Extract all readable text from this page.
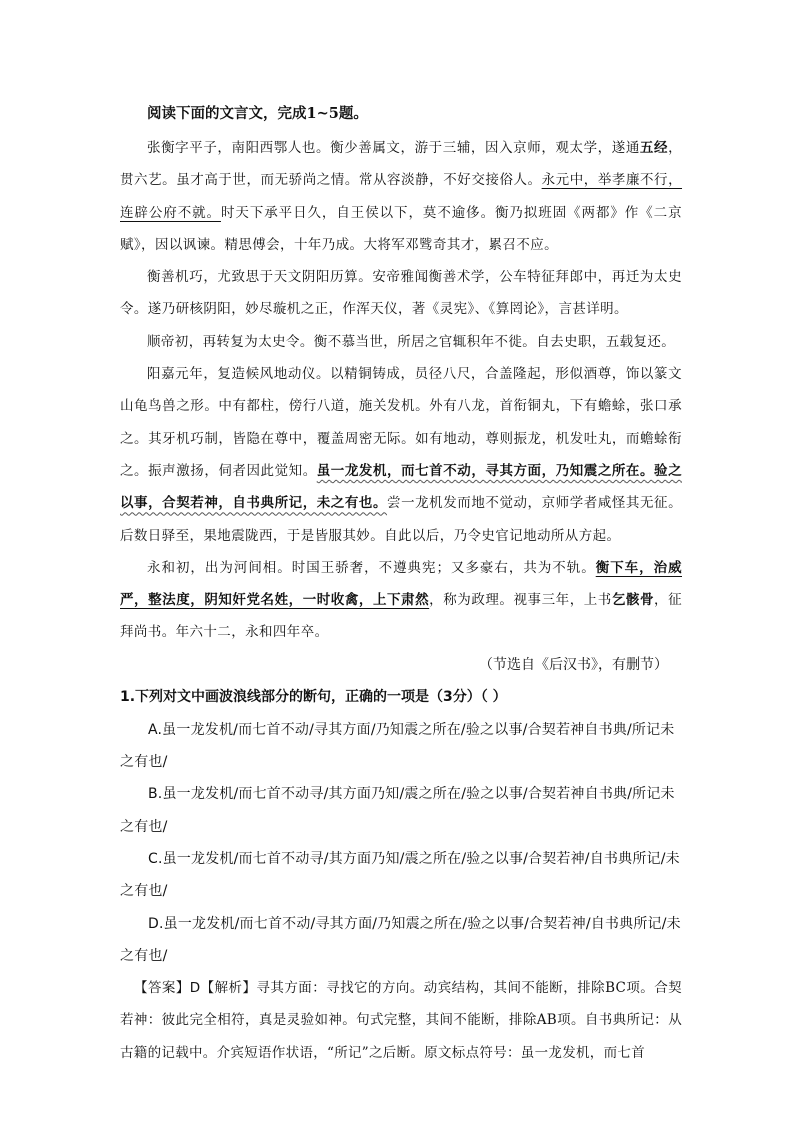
阅读下面的文言文，完成1~5题。

张衡字平子，南阳西鄂人也。衡少善属文，游于三辅，因入京师，观太学，遂通五经，贯六艺。虽才高于世，而无骄尚之情。常从容淡静，不好交接俗人。永元中，举孝廉不行，连辟公府不就。时天下承平日久，自王侯以下，莫不逾侈。衡乃拟班固《两都》作《二京赋》，因以讽谏。精思傅会，十年乃成。大将军邓骘奇其才，累召不应。

衡善机巧，尤致思于天文阴阳历算。安帝雅闻衡善术学，公车特征拜郎中，再迁为太史令。遂乃研核阴阳，妙尽璇机之正，作浑天仪，著《灵宪》、《算罔论》，言甚详明。

顺帝初，再转复为太史令。衡不慕当世，所居之官辄积年不徙。自去史职，五载复还。

阳嘉元年，复造候风地动仪。以精铜铸成，员径八尺，合盖隆起，形似酒尊，饰以篆文山龟鸟兽之形。中有都柱，傍行八道，施关发机。外有八龙，首衔铜丸，下有蟾蜍，张口承之。其牙机巧制，皆隐在尊中，覆盖周密无际。如有地动，尊则振龙，机发吐丸，而蟾蜍衔之。振声激扬，伺者因此觉知。虽一龙发机，而七首不动，寻其方面，乃知震之所在。验之以事，合契若神，自书典所记，未之有也。尝一龙机发而地不觉动，京师学者咸怪其无征。后数日驿至，果地震陇西，于是皆服其妙。自此以后，乃令史官记地动所从方起。

永和初，出为河间相。时国王骄奢，不遵典宪；又多豪右，共为不轨。衡下车，治威严，整法度，阴知奸党名姓，一时收禽，上下肃然，称为政理。视事三年，上书乞骸骨，征拜尚书。年六十二，永和四年卒。

（节选自《后汉书》，有删节）

1.下列对文中画波浪线部分的断句，正确的一项是（3分）（ ）

A.虽一龙发机/而七首不动/寻其方面/乃知震之所在/验之以事/合契若神自书典/所记未之有也/

B.虽一龙发机/而七首不动寻/其方面乃知/震之所在/验之以事/合契若神自书典/所记未之有也/

C.虽一龙发机/而七首不动寻/其方面乃知/震之所在/验之以事/合契若神/自书典所记/未之有也/

D.虽一龙发机/而七首不动/寻其方面/乃知震之所在/验之以事/合契若神/自书典所记/未之有也/

【答案】D【解析】寻其方面：寻找它的方向。动宾结构，其间不能断，排除BC项。合契若神：彼此完全相符，真是灵验如神。句式完整，其间不能断，排除AB项。自书典所记：从古籍的记载中。介宾短语作状语，“所记”之后断。原文标点符号：虽一龙发机，而七首
